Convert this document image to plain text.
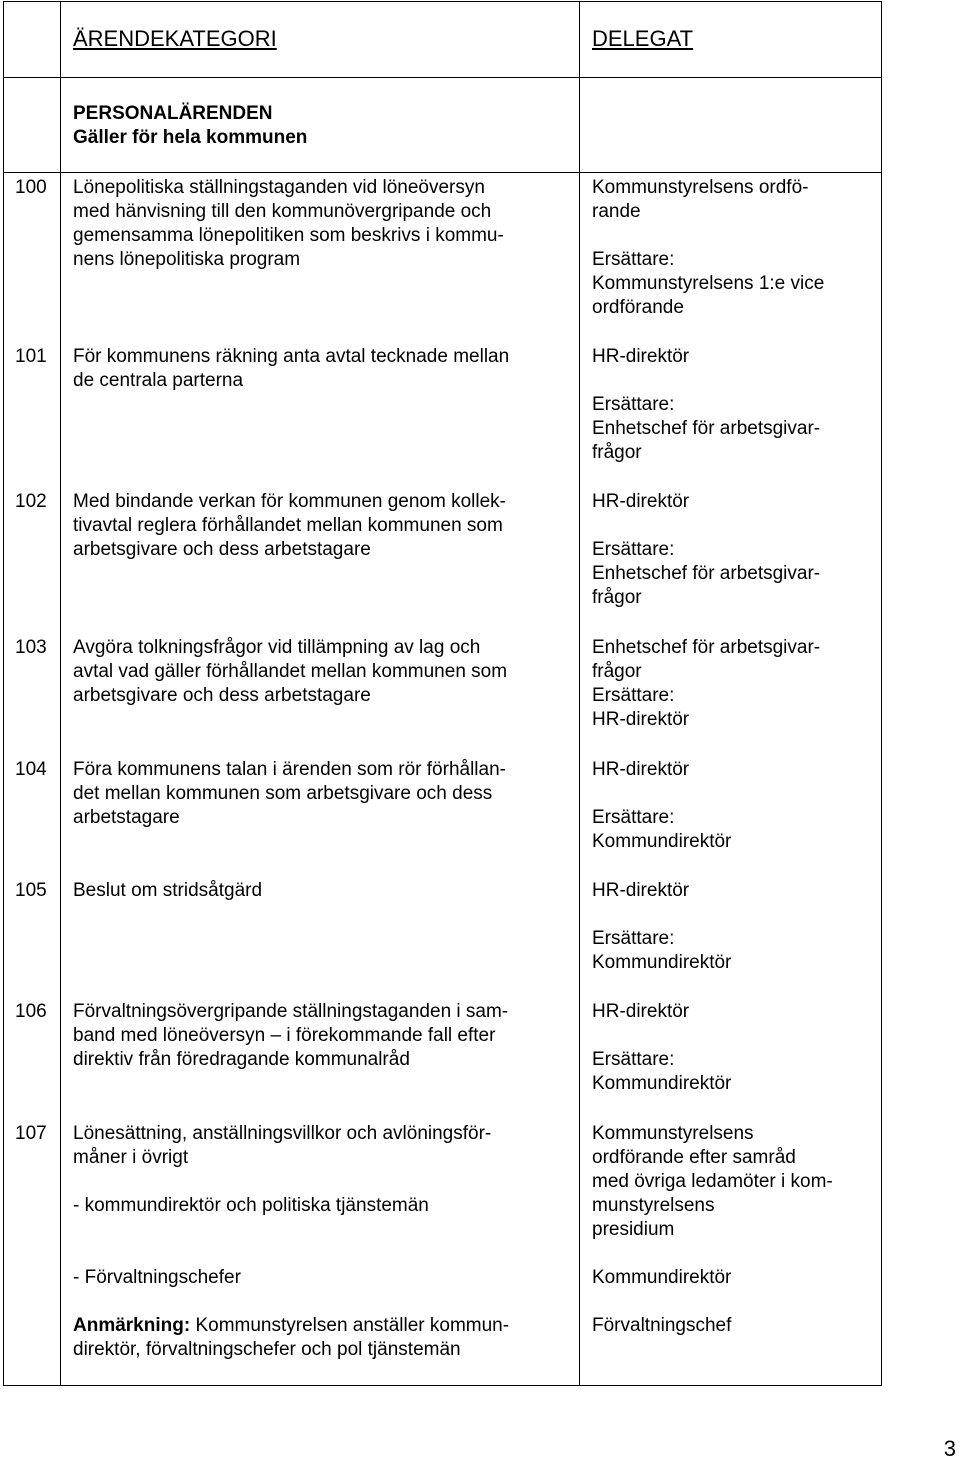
ÄRENDEKATEGORI	DELEGAT
PERSONALÄRENDEN
Gäller för hela kommunen
100 Lönepolitiska ställningstaganden vid löneöversyn
med hänvisning till den kommunövergripande och
gemensamma lönepolitiken som beskrivs i kommu-
nens lönepolitiska program
Kommunstyrelsens ordfö-
rande
Ersättare:
Kommunstyrelsens 1:e vice
ordförande
101 För kommunens räkning anta avtal tecknade mellan
de centrala parterna
HR-direktör
Ersättare:
Enhetschef för arbetsgivar-
frågor
102 Med bindande verkan för kommunen genom kollek-
tivavtal reglera förhållandet mellan kommunen som
arbetsgivare och dess arbetstagare
HR-direktör
Ersättare:
Enhetschef för arbetsgivar-
frågor
103 Avgöra tolkningsfrågor vid tillämpning av lag och
avtal vad gäller förhållandet mellan kommunen som
arbetsgivare och dess arbetstagare
Enhetschef för arbetsgivar-
frågor
Ersättare:
HR-direktör
104 Föra kommunens talan i ärenden som rör förhållan-
det mellan kommunen som arbetsgivare och dess
arbetstagare
HR-direktör
Ersättare:
Kommundirektör
105 Beslut om stridsåtgärd	HR-direktör
Ersättare:
Kommundirektör
106 Förvaltningsövergripande ställningstaganden i sam-
band med löneöversyn – i förekommande fall efter
direktiv från föredragande kommunalråd
HR-direktör
Ersättare:
Kommundirektör
107 Lönesättning, anställningsvillkor och avlöningsför-
måner i övrigt
- kommundirektör och politiska tjänstemän
- Förvaltningschefer
Anmärkning: Kommunstyrelsen anställer kommun-
direktör, förvaltningschefer och pol tjänstemän
Kommunstyrelsens
ordförande efter samråd
med övriga ledamöter i kom-
munstyrelsens
presidium
Kommundirektör
Förvaltningschef
3
